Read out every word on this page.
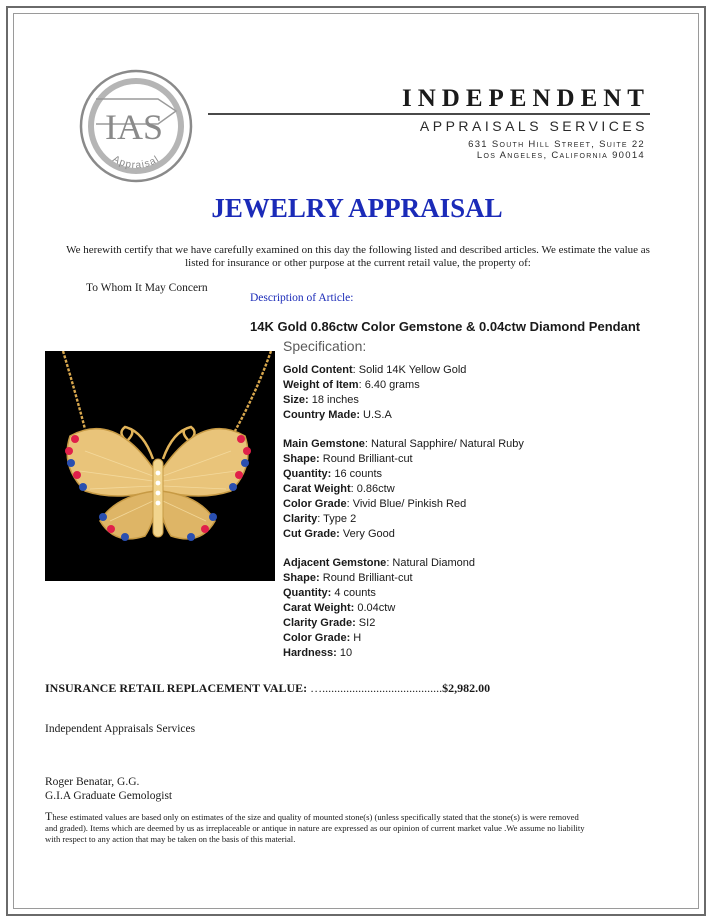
IAS
Appraisal
INDEPENDENT
APPRAISALS SERVICES
631 South Hill Street, Suite 22
Los Angeles, California 90014
JEWELRY APPRAISAL
We herewith certify that we have carefully examined on this day the following listed and described articles. We estimate the value as listed for insurance or other purpose at the current retail value, the property of:
To Whom It May Concern
Description of Article:
14K Gold 0.86ctw Color Gemstone & 0.04ctw Diamond Pendant
Specification:
Gold Content: Solid 14K Yellow Gold
Weight of Item: 6.40 grams
Size: 18 inches
Country Made: U.S.A
Main Gemstone: Natural Sapphire/ Natural Ruby
Shape: Round Brilliant-cut
Quantity: 16 counts
Carat Weight: 0.86ctw
Color Grade: Vivid Blue/ Pinkish Red
Clarity: Type 2
Cut Grade: Very Good
Adjacent Gemstone: Natural Diamond
Shape: Round Brilliant-cut
Quantity: 4 counts
Carat Weight: 0.04ctw
Clarity Grade: SI2
Color Grade: H
Hardness: 10
INSURANCE RETAIL REPLACEMENT VALUE: …........................................$2,982.00
Independent Appraisals Services
Roger Benatar, G.G.
G.I.A Graduate Gemologist
These estimated values are based only on estimates of the size and quality of mounted stone(s) (unless specifically stated that the stone(s) is were removed and graded). Items which are deemed by us as irreplaceable or antique in nature are expressed as our opinion of current market value .We assume no liability with respect to any action that may be taken on the basis of this material.
